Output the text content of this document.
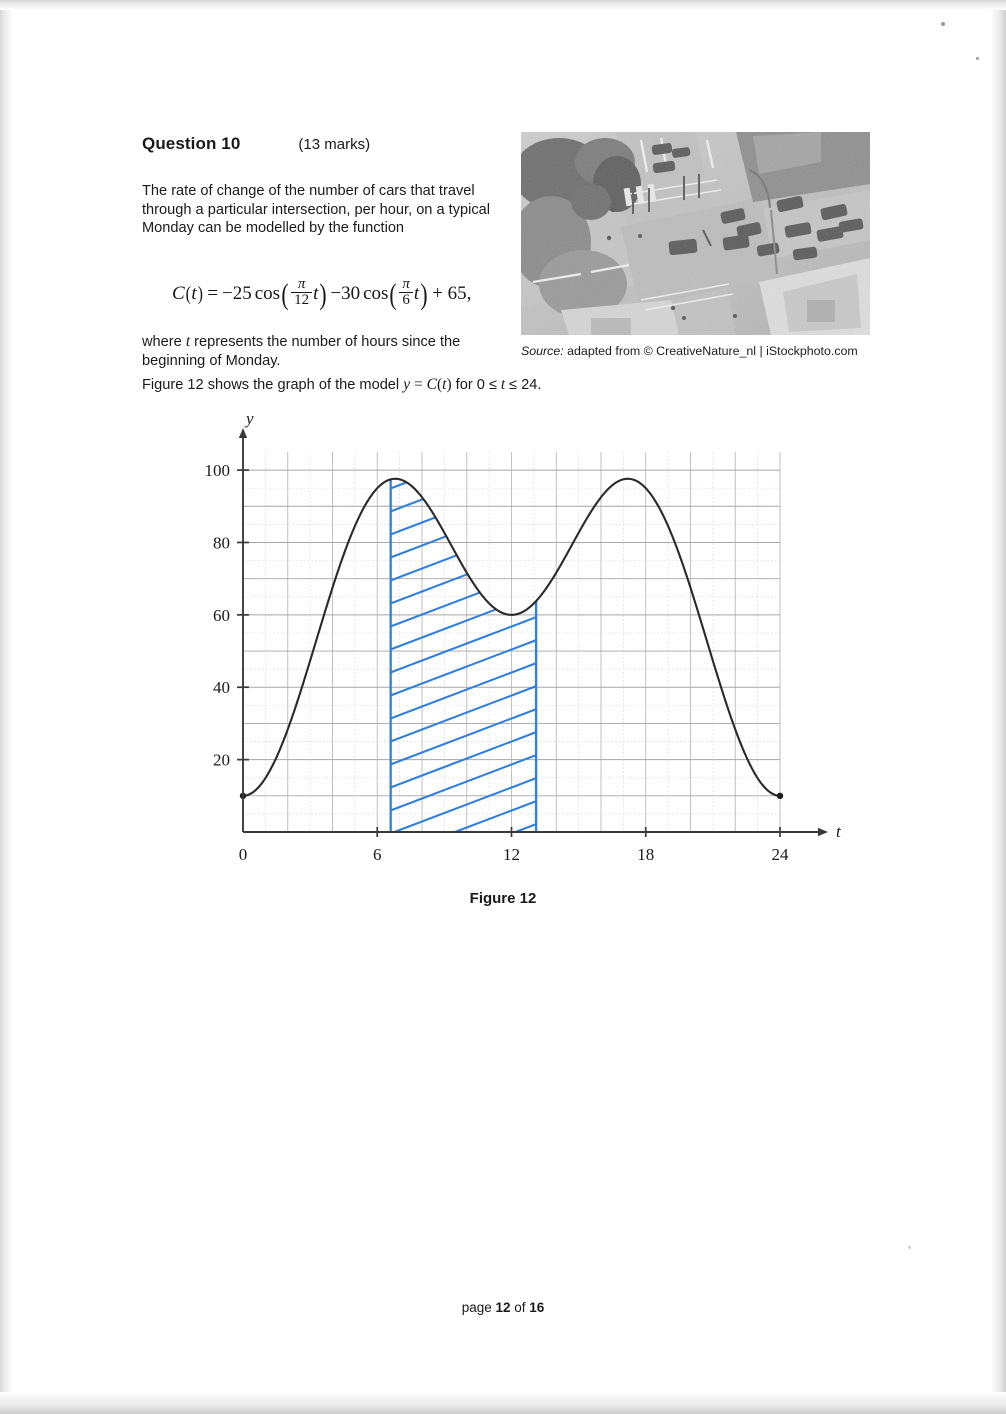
Question 10	(13 marks)
The rate of change of the number of cars that travel through a particular intersection, per hour, on a typical Monday can be modelled by the function
C ( t ) = −25 cos ( $\frac{\pi}{12}$ t ) −30 cos ( $\frac{\pi}{6}$ t ) + 65,
where t represents the number of hours since the beginning of Monday.
Figure 12 shows the graph of the model y = C(t) for 0 ≤ t ≤ 24.
Source: adapted from © CreativeNature_nl | iStockphoto.com
0	6	12	18	24
20
40
60
80
100
y
t
Figure 12
page 12 of 16
